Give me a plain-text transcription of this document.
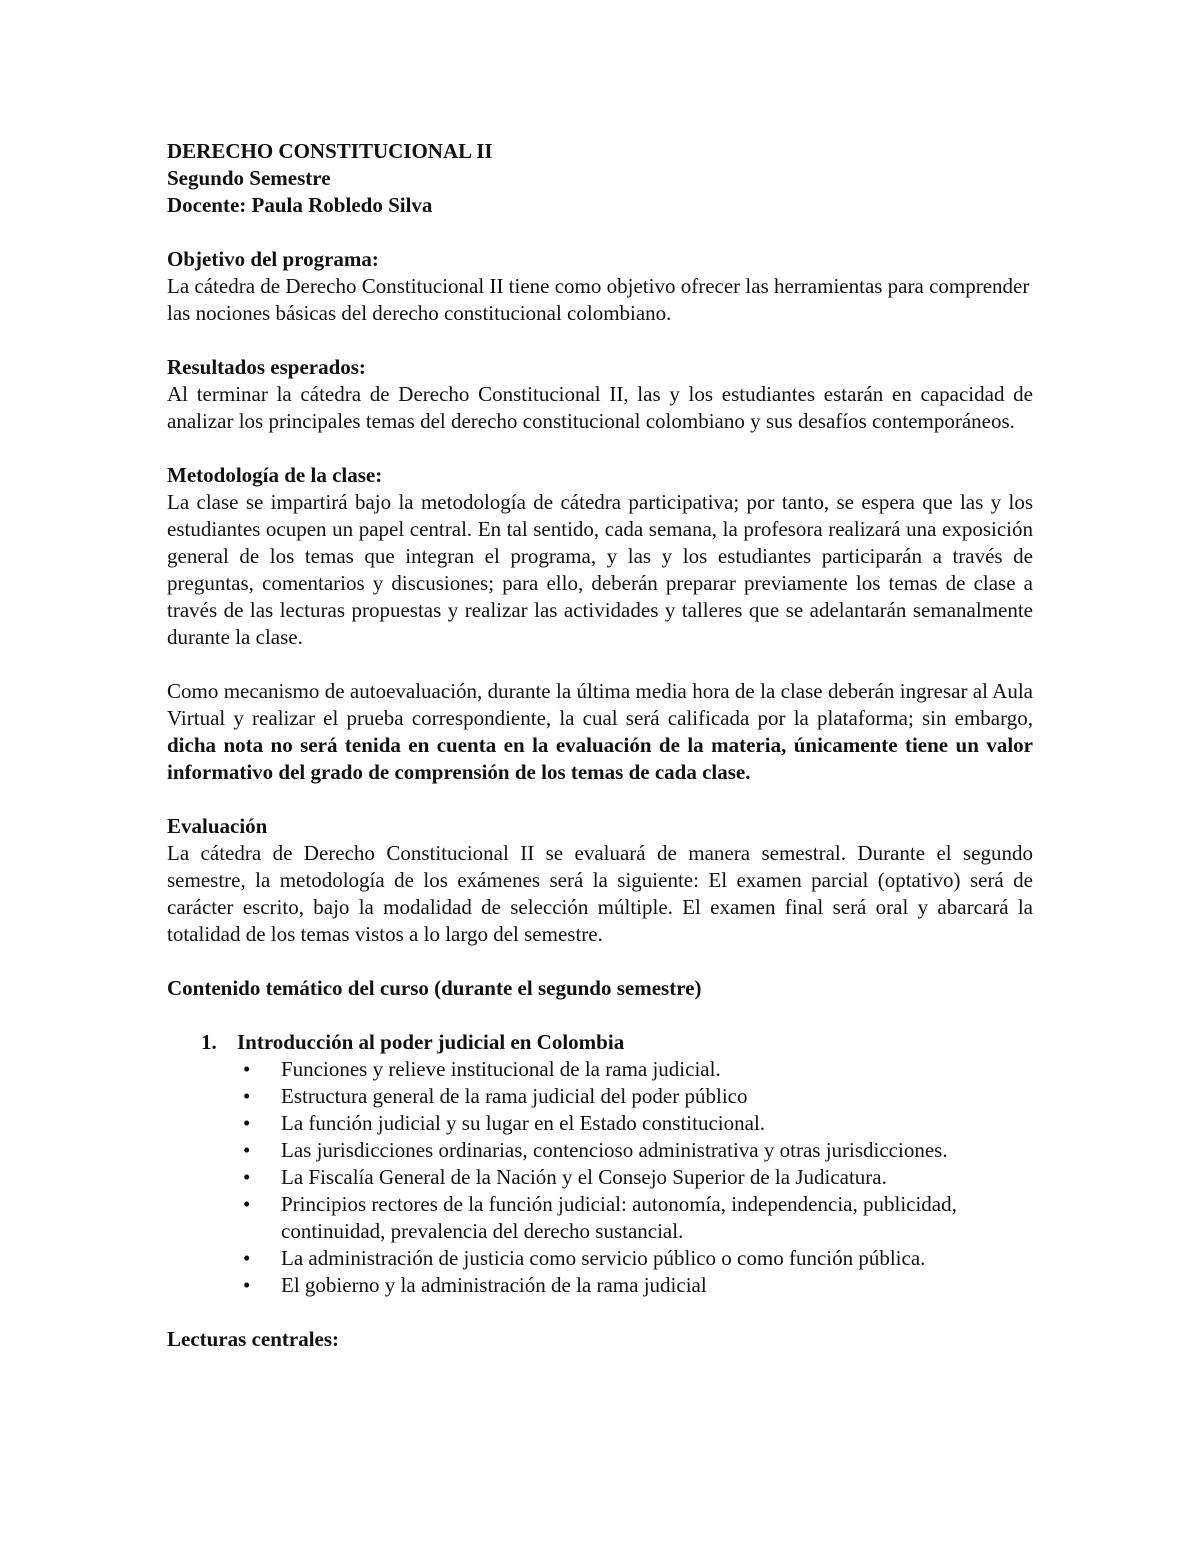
DERECHO CONSTITUCIONAL II

Segundo Semestre

Docente: Paula Robledo Silva

Objetivo del programa:

La cátedra de Derecho Constitucional II tiene como objetivo ofrecer las herramientas para comprender las nociones básicas del derecho constitucional colombiano.

Resultados esperados:

Al terminar la cátedra de Derecho Constitucional II, las y los estudiantes estarán en capacidad de analizar los principales temas del derecho constitucional colombiano y sus desafíos contemporáneos.

Metodología de la clase:

La clase se impartirá bajo la metodología de cátedra participativa; por tanto, se espera que las y los estudiantes ocupen un papel central. En tal sentido, cada semana, la profesora realizará una exposición general de los temas que integran el programa, y las y los estudiantes participarán a través de preguntas, comentarios y discusiones; para ello, deberán preparar previamente los temas de clase a través de las lecturas propuestas y realizar las actividades y talleres que se adelantarán semanalmente durante la clase.

Como mecanismo de autoevaluación, durante la última media hora de la clase deberán ingresar al Aula Virtual y realizar el prueba correspondiente, la cual será calificada por la plataforma; sin embargo, dicha nota no será tenida en cuenta en la evaluación de la materia, únicamente tiene un valor informativo del grado de comprensión de los temas de cada clase.

Evaluación

La cátedra de Derecho Constitucional II se evaluará de manera semestral. Durante el segundo semestre, la metodología de los exámenes será la siguiente: El examen parcial (optativo) será de carácter escrito, bajo la modalidad de selección múltiple. El examen final será oral y abarcará la totalidad de los temas vistos a lo largo del semestre.

Contenido temático del curso (durante el segundo semestre)

1. Introducción al poder judicial en Colombia
• Funciones y relieve institucional de la rama judicial.
• Estructura general de la rama judicial del poder público
• La función judicial y su lugar en el Estado constitucional.
• Las jurisdicciones ordinarias, contencioso administrativa y otras jurisdicciones.
• La Fiscalía General de la Nación y el Consejo Superior de la Judicatura.
• Principios rectores de la función judicial: autonomía, independencia, publicidad, continuidad, prevalencia del derecho sustancial.
• La administración de justicia como servicio público o como función pública.
• El gobierno y la administración de la rama judicial

Lecturas centrales:
